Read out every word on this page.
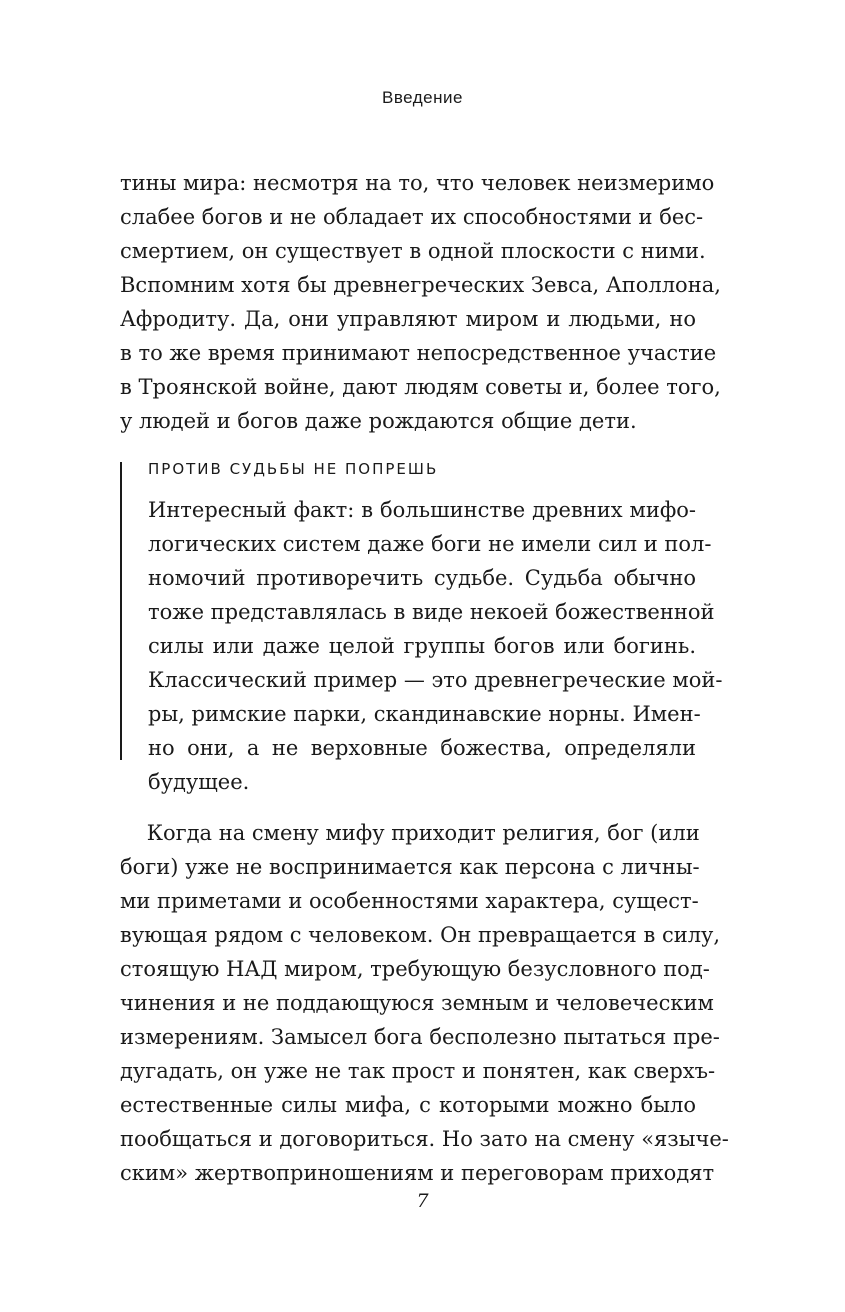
Введение
тины мира: несмотря на то, что человек неизмеримо
слабее богов и не обладает их способностями и бес-
смертием, он существует в одной плоскости с ними.
Вспомним хотя бы древнегреческих Зевса, Аполлона,
Афродиту. Да, они управляют миром и людьми, но
в то же время принимают непосредственное участие
в Троянской войне, дают людям советы и, более того,
у людей и богов даже рождаются общие дети.
ПРОТИВ СУДЬБЫ НЕ ПОПРЕШЬ
Интересный факт: в большинстве древних мифо-
логических систем даже боги не имели сил и пол-
номочий противоречить судьбе. Судьба обычно
тоже представлялась в виде некоей божественной
силы или даже целой группы богов или богинь.
Классический пример — это древнегреческие мой-
ры, римские парки, скандинавские норны. Имен-
но они, а не верховные божества, определяли
будущее.
Когда на смену мифу приходит религия, бог (или
боги) уже не воспринимается как персона с личны-
ми приметами и особенностями характера, сущест-
вующая рядом с человеком. Он превращается в силу,
стоящую НАД миром, требующую безусловного под-
чинения и не поддающуюся земным и человеческим
измерениям. Замысел бога бесполезно пытаться пре-
дугадать, он уже не так прост и понятен, как сверхъ-
естественные силы мифа, с которыми можно было
пообщаться и договориться. Но зато на смену «языче-
ским» жертвоприношениям и переговорам приходят
7
